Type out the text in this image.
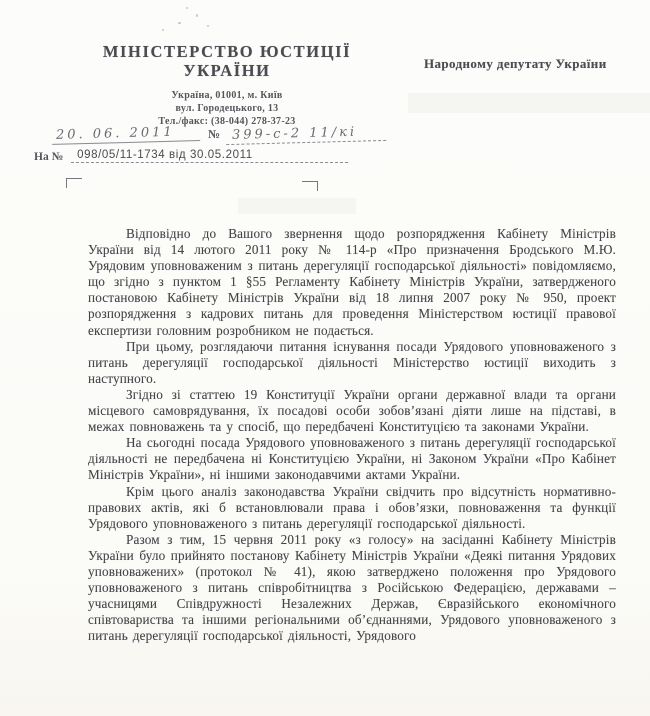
МІНІСТЕРСТВО ЮСТИЦІЇ
УКРАЇНИ
Україна, 01001, м. Київ
вул. Городецького, 13
Тел./факс: (38-044) 278-37-23
Народному депутату України
20. 06. 2011	№ 399-с-2 11/кі
На №	098/05/11-1734 від 30.05.2011

Відповідно до Вашого звернення щодо розпорядження Кабінету Міністрів України від 14 лютого 2011 року № 114-р «Про призначення Бродського М.Ю. Урядовим уповноваженим з питань дерегуляції господарської діяльності» повідомляємо, що згідно з пунктом 1 §55 Регламенту Кабінету Міністрів України, затвердженого постановою Кабінету Міністрів України від 18 липня 2007 року № 950, проект розпорядження з кадрових питань для проведення Міністерством юстиції правової експертизи головним розробником не подається.

При цьому, розглядаючи питання існування посади Урядового уповноваженого з питань дерегуляції господарської діяльності Міністерство юстиції виходить з наступного.

Згідно зі статтею 19 Конституції України органи державної влади та органи місцевого самоврядування, їх посадові особи зобов’язані діяти лише на підставі, в межах повноважень та у спосіб, що передбачені Конституцією та законами України.

На сьогодні посада Урядового уповноваженого з питань дерегуляції господарської діяльності не передбачена ні Конституцією України, ні Законом України «Про Кабінет Міністрів України», ні іншими законодавчими актами України.

Крім цього аналіз законодавства України свідчить про відсутність нормативно-правових актів, які б встановлювали права і обов’язки, повноваження та функції Урядового уповноваженого з питань дерегуляції господарської діяльності.

Разом з тим, 15 червня 2011 року «з голосу» на засіданні Кабінету Міністрів України було прийнято постанову Кабінету Міністрів України «Деякі питання Урядових уповноважених» (протокол № 41), якою затверджено положення про Урядового уповноваженого з питань співробітництва з Російською Федерацією, державами – учасницями Співдружності Незалежних Держав, Євразійського економічного співтовариства та іншими регіональними об’єднаннями, Урядового уповноваженого з питань дерегуляції господарської діяльності, Урядового
